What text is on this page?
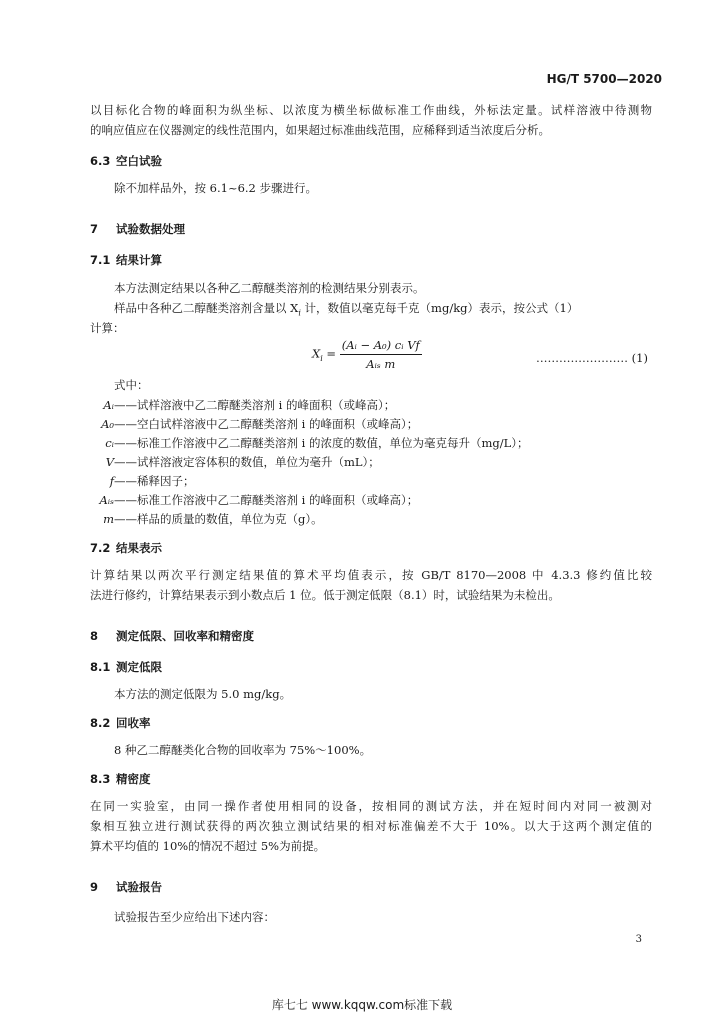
HG/T 5700—2020
以目标化合物的峰面积为纵坐标、以浓度为横坐标做标准工作曲线，外标法定量。试样溶液中待测物
的响应值应在仪器测定的线性范围内，如果超过标准曲线范围，应稀释到适当浓度后分析。
6.3 空白试验
除不加样品外，按 6.1~6.2 步骤进行。
7 试验数据处理
7.1 结果计算
本方法测定结果以各种乙二醇醚类溶剂的检测结果分别表示。
样品中各种乙二醇醚类溶剂含量以 $X_i$ 计，数值以毫克每千克（mg/kg）表示，按公式（1）
计算：
$X_i = \frac{\text{(Aᵢ − A₀) cᵢ Vf}}{\text{Aᵢₛ m}}$	…………………… (1)
式中：
Aᵢ——试样溶液中乙二醇醚类溶剂 i 的峰面积（或峰高）；
A₀——空白试样溶液中乙二醇醚类溶剂 i 的峰面积（或峰高）；
cᵢ——标准工作溶液中乙二醇醚类溶剂 i 的浓度的数值，单位为毫克每升（mg/L）；
V——试样溶液定容体积的数值，单位为毫升（mL）；
f——稀释因子；
Aᵢₛ——标准工作溶液中乙二醇醚类溶剂 i 的峰面积（或峰高）；
m——样品的质量的数值，单位为克（g）。
7.2 结果表示
计算结果以两次平行测定结果值的算术平均值表示，按 GB/T 8170—2008 中 4.3.3 修约值比较
法进行修约，计算结果表示到小数点后 1 位。低于测定低限（8.1）时，试验结果为未检出。
8 测定低限、回收率和精密度
8.1 测定低限
本方法的测定低限为 5.0 mg/kg。
8.2 回收率
8 种乙二醇醚类化合物的回收率为 75%～100%。
8.3 精密度
在同一实验室，由同一操作者使用相同的设备，按相同的测试方法，并在短时间内对同一被测对
象相互独立进行测试获得的两次独立测试结果的相对标准偏差不大于 10%。以大于这两个测定值的
算术平均值的 10%的情况不超过 5%为前提。
9 试验报告
试验报告至少应给出下述内容：
3
库七七 www.kqqw.com标准下载
